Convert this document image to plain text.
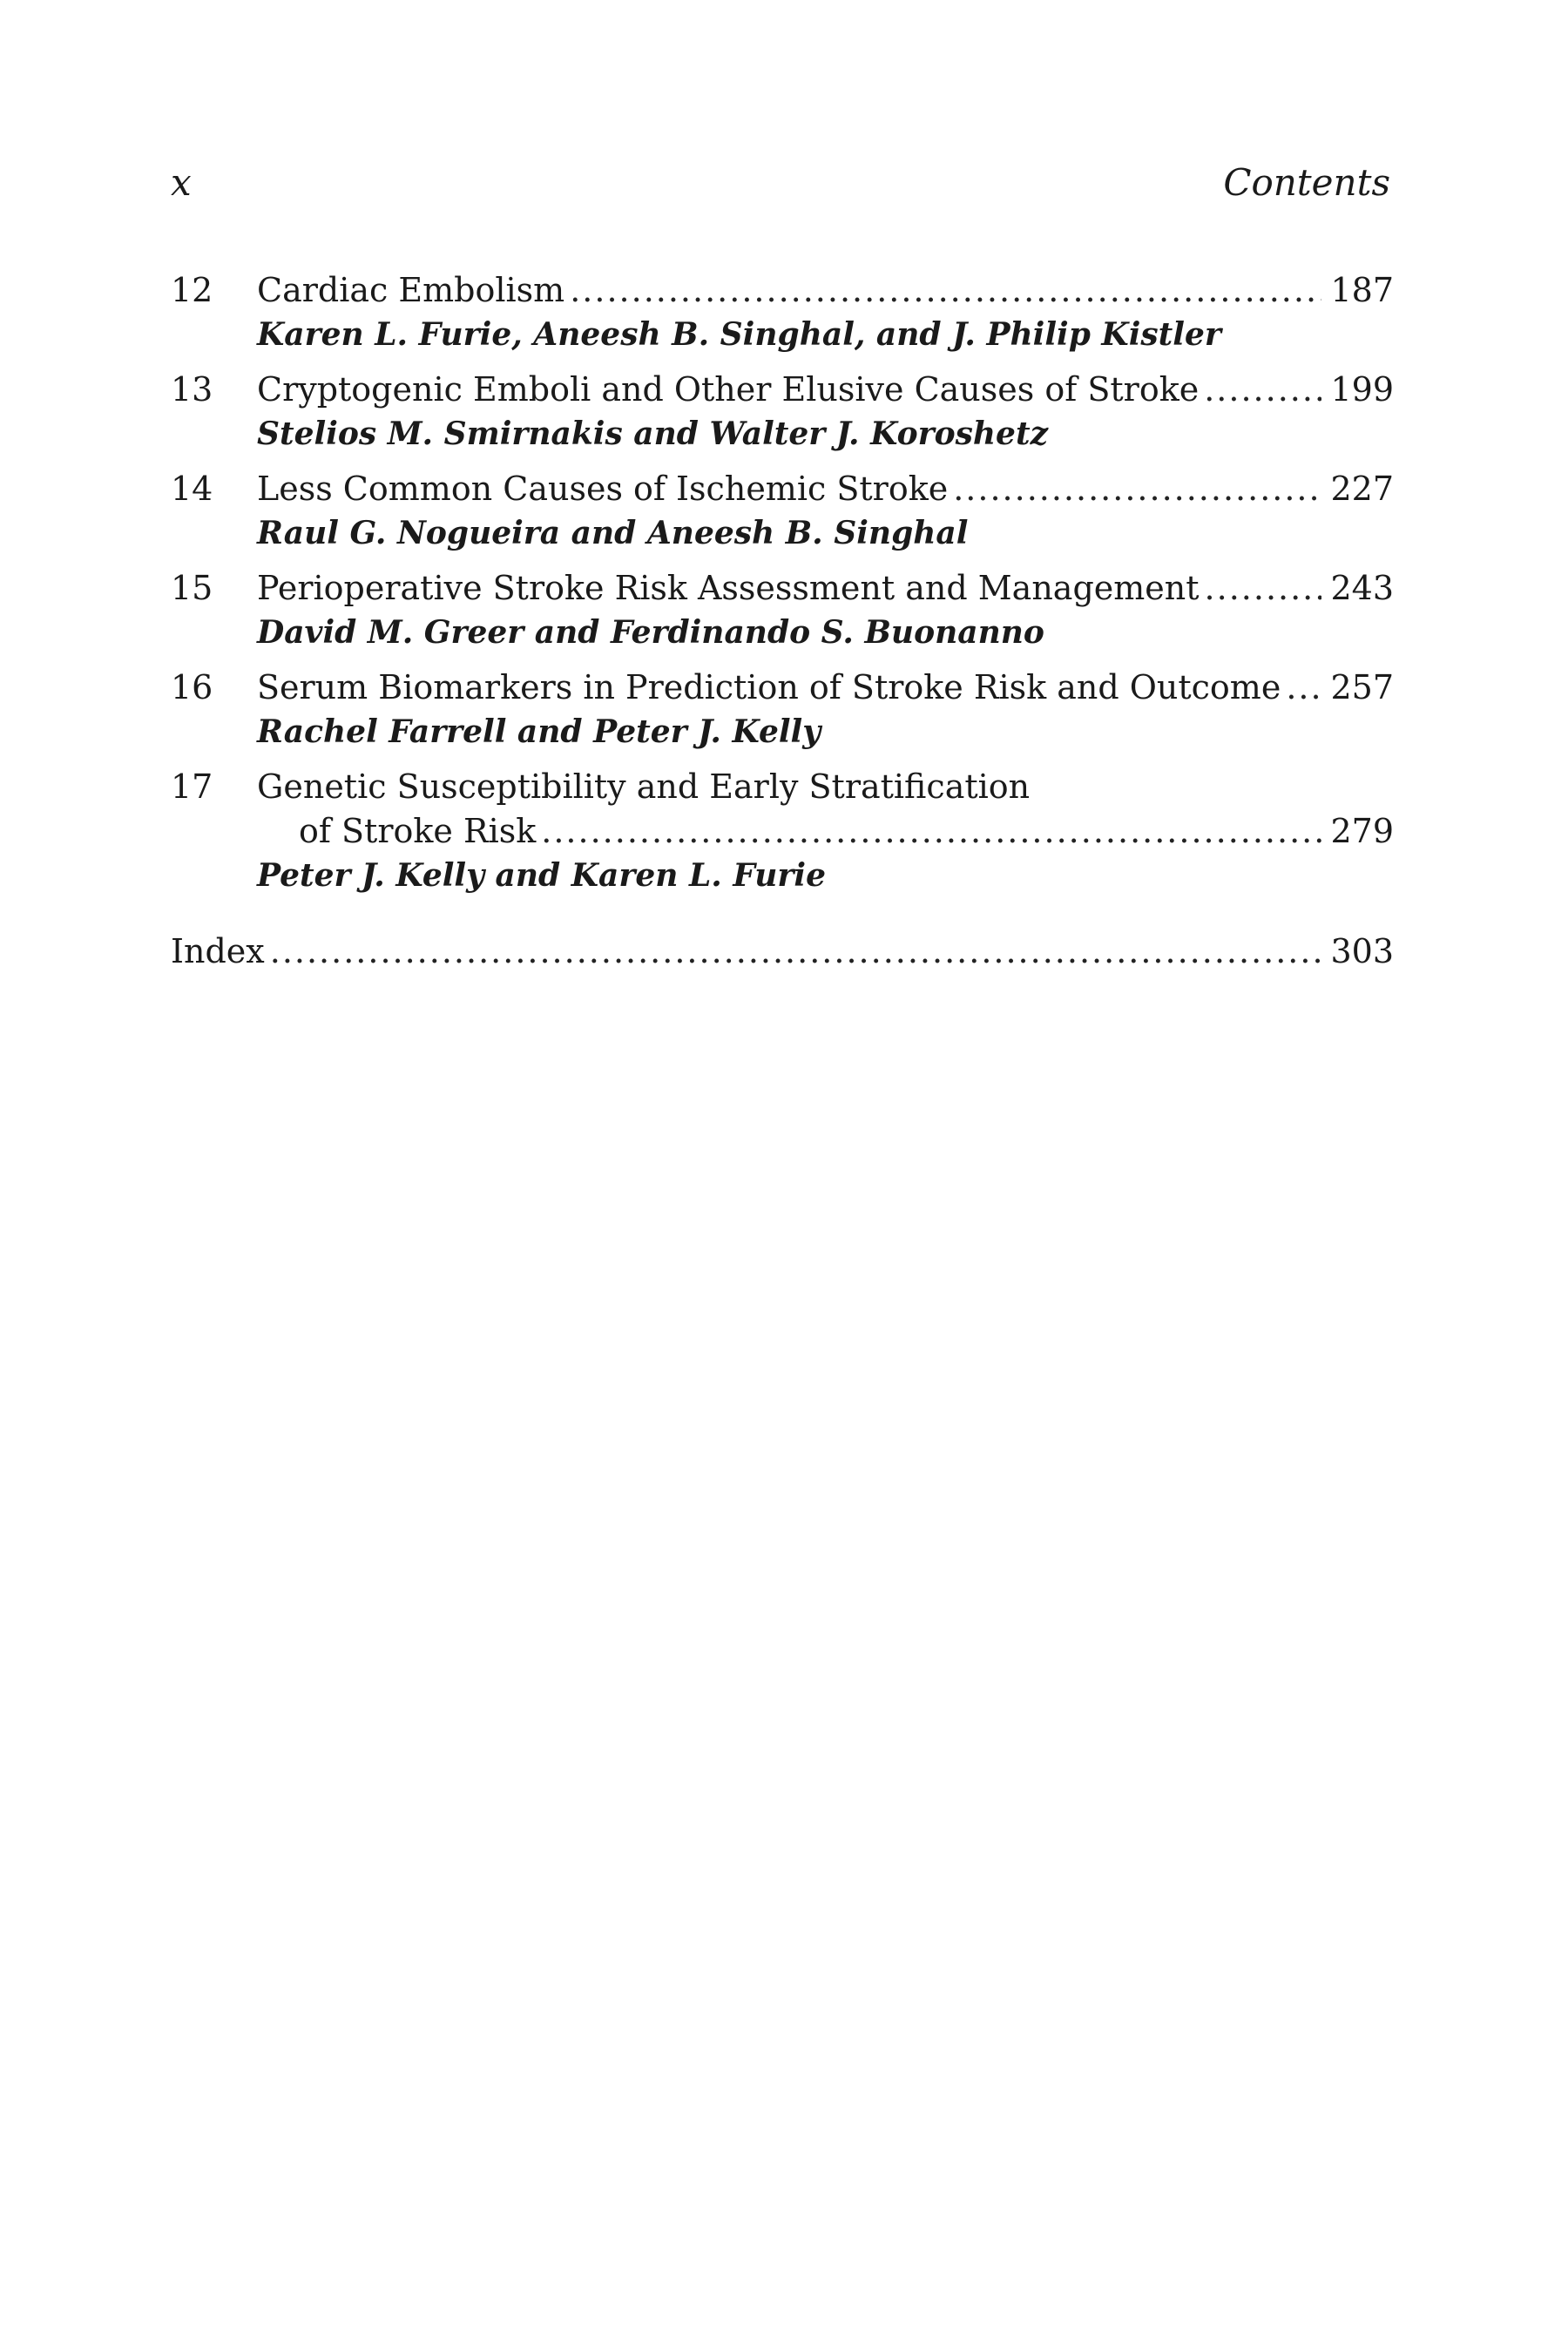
x	Contents
12	Cardiac Embolism .....	187
Karen L. Furie, Aneesh B. Singhal, and J. Philip Kistler
13	Cryptogenic Emboli and Other Elusive Causes of Stroke .....	199
Stelios M. Smirnakis and Walter J. Koroshetz
14	Less Common Causes of Ischemic Stroke .....	227
Raul G. Nogueira and Aneesh B. Singhal
15	Perioperative Stroke Risk Assessment and Management .....	243
David M. Greer and Ferdinando S. Buonanno
16	Serum Biomarkers in Prediction of Stroke Risk and Outcome ..... 257
Rachel Farrell and Peter J. Kelly
17	Genetic Susceptibility and Early Stratification
of Stroke Risk .....	279
Peter J. Kelly and Karen L. Furie
Index .....	303
